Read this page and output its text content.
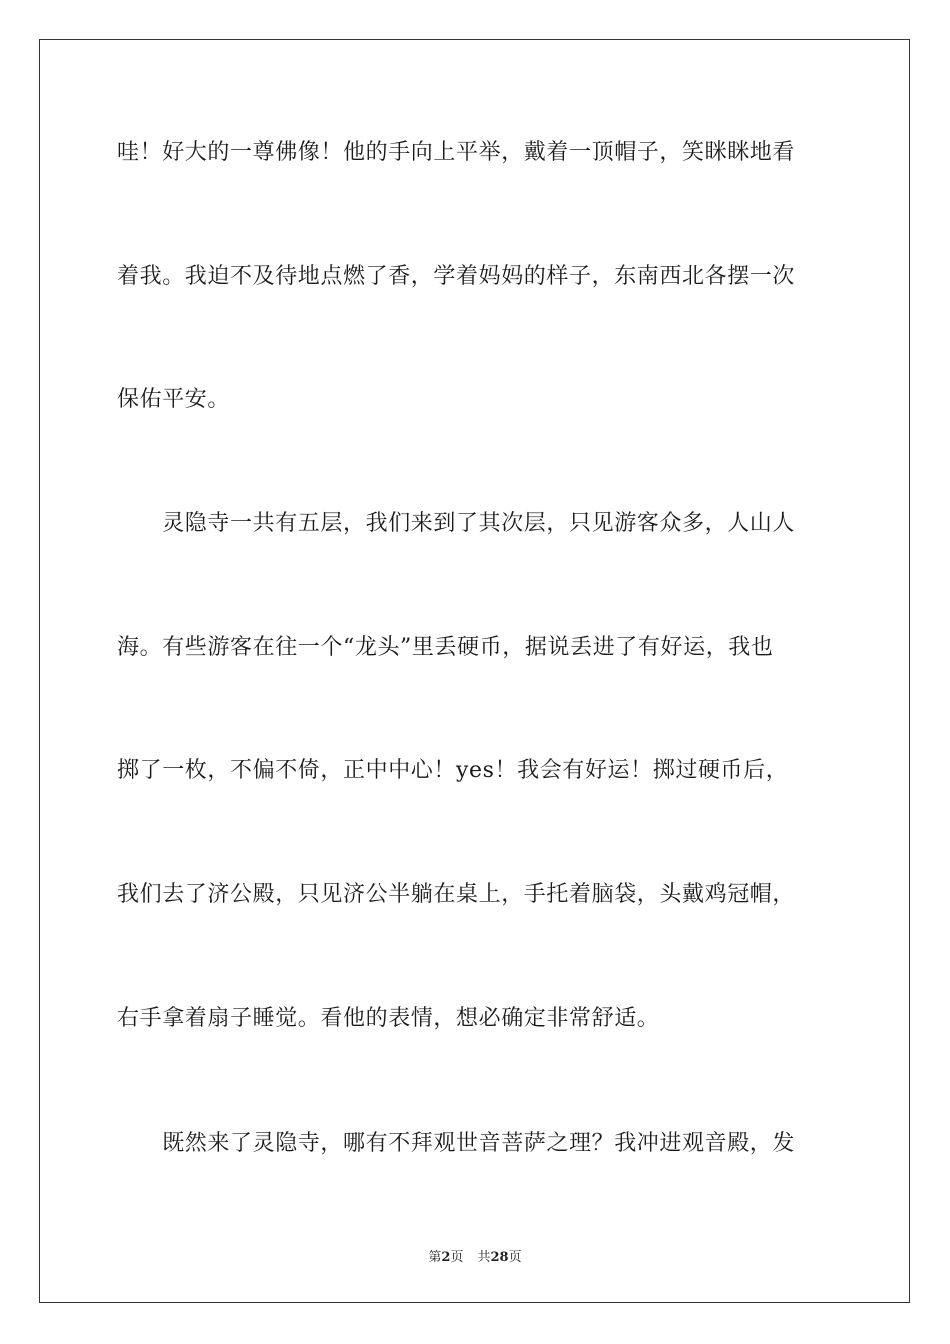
哇！好大的一尊佛像！他的手向上平举，戴着一顶帽子，笑眯眯地看
着我。我迫不及待地点燃了香，学着妈妈的样子，东南西北各摆一次
保佑平安。
　　灵隐寺一共有五层，我们来到了其次层，只见游客众多，人山人
海。有些游客在往一个“龙头”里丢硬币，据说丢进了有好运，我也
掷了一枚，不偏不倚，正中中心！yes！我会有好运！掷过硬币后，
我们去了济公殿，只见济公半躺在桌上，手托着脑袋，头戴鸡冠帽，
右手拿着扇子睡觉。看他的表情，想必确定非常舒适。
　　既然来了灵隐寺，哪有不拜观世音菩萨之理？我冲进观音殿，发
第2页 共28页
